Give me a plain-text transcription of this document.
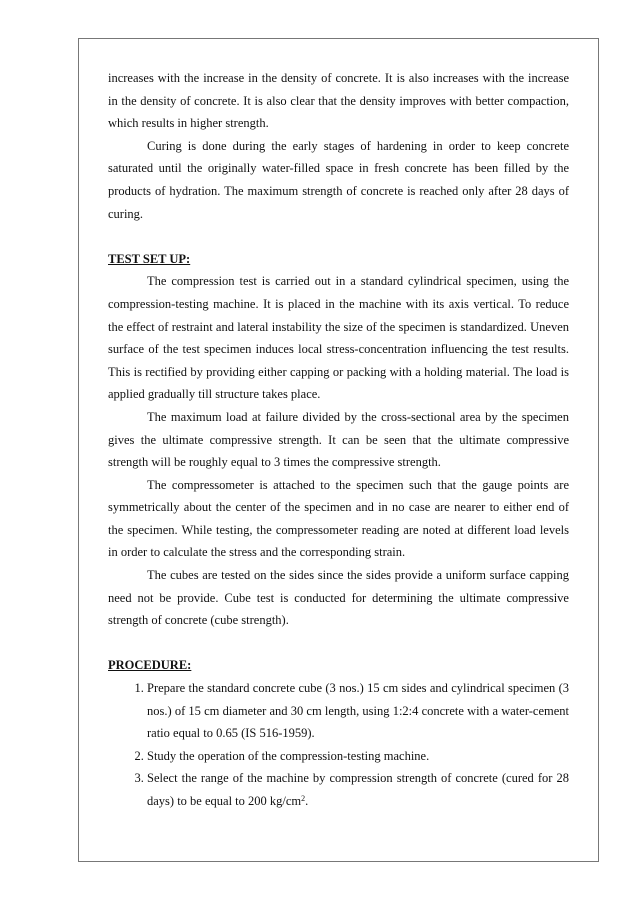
increases with the increase in the density of concrete. It is also increases with the increase in the density of concrete. It is also clear that the density improves with better compaction, which results in higher strength.

Curing is done during the early stages of hardening in order to keep concrete saturated until the originally water-filled space in fresh concrete has been filled by the products of hydration. The maximum strength of concrete is reached only after 28 days of curing.

TEST SET UP:

The compression test is carried out in a standard cylindrical specimen, using the compression-testing machine. It is placed in the machine with its axis vertical. To reduce the effect of restraint and lateral instability the size of the specimen is standardized. Uneven surface of the test specimen induces local stress-concentration influencing the test results. This is rectified by providing either capping or packing with a holding material. The load is applied gradually till structure takes place.

The maximum load at failure divided by the cross-sectional area by the specimen gives the ultimate compressive strength. It can be seen that the ultimate compressive strength will be roughly equal to 3 times the compressive strength.

The compressometer is attached to the specimen such that the gauge points are symmetrically about the center of the specimen and in no case are nearer to either end of the specimen. While testing, the compressometer reading are noted at different load levels in order to calculate the stress and the corresponding strain.

The cubes are tested on the sides since the sides provide a uniform surface capping need not be provide. Cube test is conducted for determining the ultimate compressive strength of concrete (cube strength).

PROCEDURE:

1. Prepare the standard concrete cube (3 nos.) 15 cm sides and cylindrical specimen (3 nos.) of 15 cm diameter and 30 cm length, using 1:2:4 concrete with a water-cement ratio equal to 0.65 (IS 516-1959).
2. Study the operation of the compression-testing machine.
3. Select the range of the machine by compression strength of concrete (cured for 28 days) to be equal to 200 $kg/cm^2$.
